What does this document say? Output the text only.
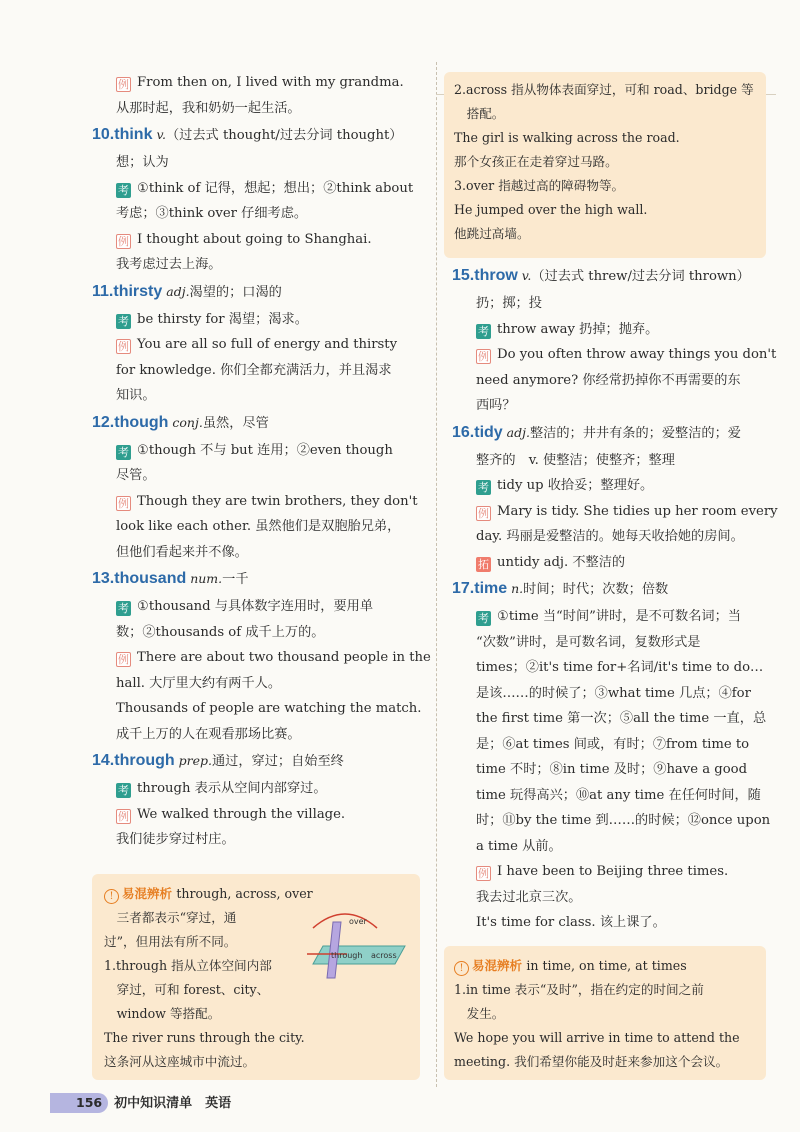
例 From then on, I lived with my grandma.
从那时起，我和奶奶一起生活。
10.think v.（过去式 thought/过去分词 thought）
想；认为
考 ①think of 记得，想起；想出；②think about
考虑；③think over 仔细考虑。
例 I thought about going to Shanghai.
我考虑过去上海。
11.thirsty adj.渴望的；口渴的
考 be thirsty for 渴望；渴求。
例 You are all so full of energy and thirsty
for knowledge. 你们全都充满活力，并且渴求
知识。
12.though conj.虽然，尽管
考 ①though 不与 but 连用；②even though
尽管。
例 Though they are twin brothers, they don't
look like each other. 虽然他们是双胞胎兄弟，
但他们看起来并不像。
13.thousand num.一千
考 ①thousand 与具体数字连用时，要用单
数；②thousands of 成千上万的。
例 There are about two thousand people in the
hall. 大厅里大约有两千人。
Thousands of people are watching the match.
成千上万的人在观看那场比赛。
14.through prep.通过，穿过；自始至终
考 through 表示从空间内部穿过。
例 We walked through the village.
我们徒步穿过村庄。
! 易混辨析 through, across, over
　三者都表示“穿过，通
过”，但用法有所不同。
1.through 指从立体空间内部
　穿过，可和 forest、city、
　window 等搭配。
The river runs through the city.
这条河从这座城市中流过。
over
through across
2.across 指从物体表面穿过，可和 road、bridge 等
　搭配。
The girl is walking across the road.
那个女孩正在走着穿过马路。
3.over 指越过高的障碍物等。
He jumped over the high wall.
他跳过高墙。
15.throw v.（过去式 threw/过去分词 thrown）
扔；掷；投
考 throw away 扔掉；抛弃。
例 Do you often throw away things you don't
need anymore? 你经常扔掉你不再需要的东
西吗？
16.tidy adj.整洁的；井井有条的；爱整洁的；爱
整齐的　v. 使整洁；使整齐；整理
考 tidy up 收拾妥；整理好。
例 Mary is tidy. She tidies up her room every
day. 玛丽是爱整洁的。她每天收拾她的房间。
拓 untidy adj. 不整洁的
17.time n.时间；时代；次数；倍数
考 ①time 当“时间”讲时，是不可数名词；当
“次数”讲时，是可数名词，复数形式是
times；②it's time for+名词/it's time to do…
是该……的时候了；③what time 几点；④for
the first time 第一次；⑤all the time 一直，总
是；⑥at times 间或，有时；⑦from time to
time 不时；⑧in time 及时；⑨have a good
time 玩得高兴；⑩at any time 在任何时间，随
时；⑪by the time 到……的时候；⑫once upon
a time 从前。
例 I have been to Beijing three times.
我去过北京三次。
It's time for class. 该上课了。
! 易混辨析 in time, on time, at times
1.in time 表示“及时”，指在约定的时间之前
　发生。
We hope you will arrive in time to attend the
meeting. 我们希望你能及时赶来参加这个会议。
156 初中知识清单　英语
